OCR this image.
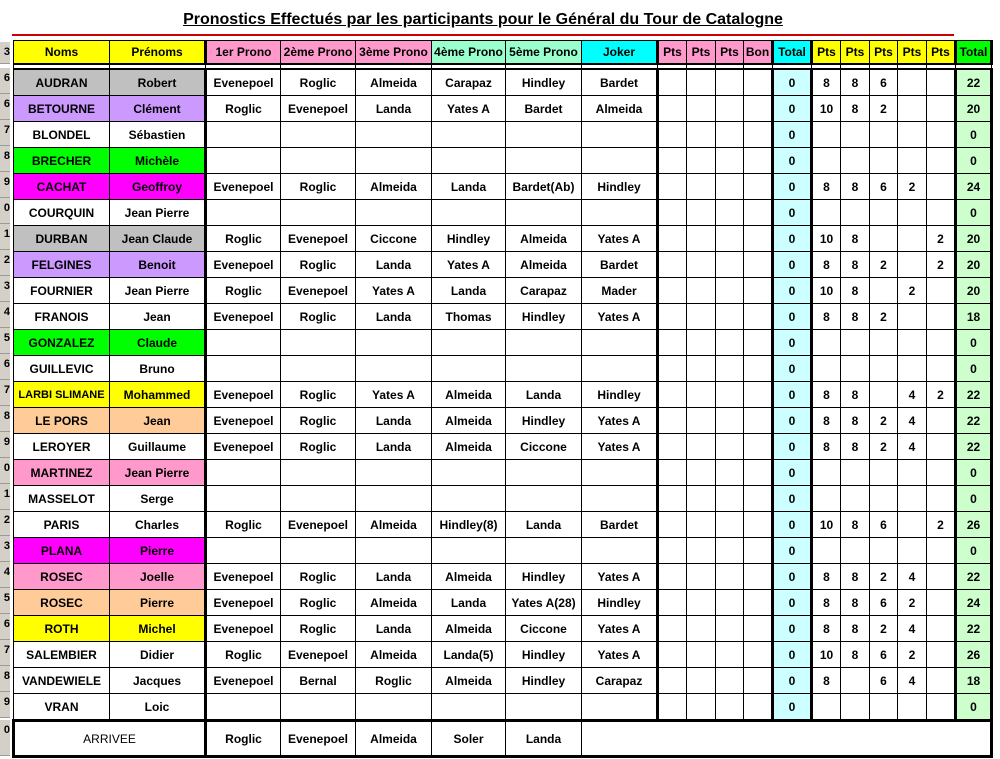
3
6
6
7
8
9
0
1
2
3
4
5
6
7
8
9
0
1
2
3
4
5
6
7
8
9
0
Pronostics Effectués par les participants pour le Général du Tour de Catalogne
Noms	Prénoms	1er Prono	2ème Prono	3ème Prono	4ème Prono	5ème Prono	Joker	Pts	Pts	Pts	Bon	Total	Pts	Pts	Pts	Pts	Pts	Total

AUDRAN	Robert	Evenepoel	Roglic	Almeida	Carapaz	Hindley	Bardet					0	8	8	6			22
BETOURNE	Clément	Roglic	Evenepoel	Landa	Yates A	Bardet	Almeida					0	10	8	2			20
BLONDEL	Sébastien											0						0
BRECHER	Michèle											0						0
CACHAT	Geoffroy	Evenepoel	Roglic	Almeida	Landa	Bardet(Ab)	Hindley					0	8	8	6	2		24
COURQUIN	Jean Pierre											0						0
DURBAN	Jean Claude	Roglic	Evenepoel	Ciccone	Hindley	Almeida	Yates A					0	10	8			2	20
FELGINES	Benoit	Evenepoel	Roglic	Landa	Yates A	Almeida	Bardet					0	8	8	2		2	20
FOURNIER	Jean Pierre	Roglic	Evenepoel	Yates A	Landa	Carapaz	Mader					0	10	8		2		20
FRANOIS	Jean	Evenepoel	Roglic	Landa	Thomas	Hindley	Yates A					0	8	8	2			18
GONZALEZ	Claude											0						0
GUILLEVIC	Bruno											0						0
LARBI SLIMANE	Mohammed	Evenepoel	Roglic	Yates A	Almeida	Landa	Hindley					0	8	8		4	2	22
LE PORS	Jean	Evenepoel	Roglic	Landa	Almeida	Hindley	Yates A					0	8	8	2	4		22
LEROYER	Guillaume	Evenepoel	Roglic	Landa	Almeida	Ciccone	Yates A					0	8	8	2	4		22
MARTINEZ	Jean Pierre											0						0
MASSELOT	Serge											0						0
PARIS	Charles	Roglic	Evenepoel	Almeida	Hindley(8)	Landa	Bardet					0	10	8	6		2	26
PLANA	Pierre											0						0
ROSEC	Joelle	Evenepoel	Roglic	Landa	Almeida	Hindley	Yates A					0	8	8	2	4		22
ROSEC	Pierre	Evenepoel	Roglic	Almeida	Landa	Yates A(28)	Hindley					0	8	8	6	2		24
ROTH	Michel	Evenepoel	Roglic	Landa	Almeida	Ciccone	Yates A					0	8	8	2	4		22
SALEMBIER	Didier	Roglic	Evenepoel	Almeida	Landa(5)	Hindley	Yates A					0	10	8	6	2		26
VANDEWIELE	Jacques	Evenepoel	Bernal	Roglic	Almeida	Hindley	Carapaz					0	8		6	4		18
VRAN	Loic											0						0
ARRIVEE		Roglic	Evenepoel	Almeida	Soler	Landa												
